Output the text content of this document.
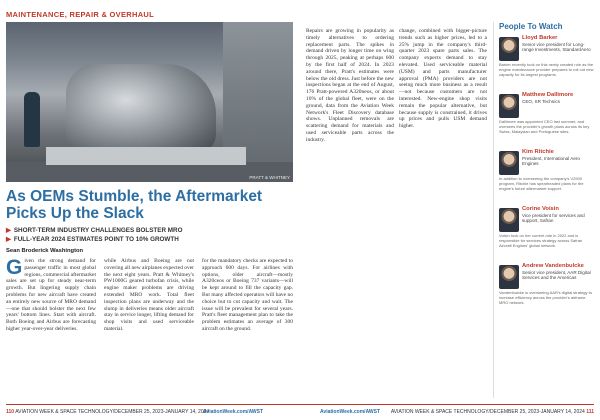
MAINTENANCE, REPAIR & OVERHAUL
PRATT & WHITNEY
As OEMs Stumble, the Aftermarket Picks Up the Slack
▶ SHORT-TERM INDUSTRY CHALLENGES BOLSTER MRO
▶ FULL-YEAR 2024 ESTIMATES POINT TO 10% GROWTH
Sean Broderick Washington
G iven the strong demand for passenger traffic in most global regions, commercial aftermarket sales are set up for steady near-term growth. But lingering supply chain problems for new aircraft have created an entirely new source of MRO demand—one that should bolster the next few years' bottom lines. Start with aircraft. Both Boeing and Airbus are forecasting higher year-over-year deliveries.
while Airbus and Boeing are not covering all new airplanes expected over the next eight years. Pratt & Whitney's PW1000G geared turbofan crisis, while engine maker problems are driving extended MRO work. Total fleet inspection plans are underway and the slump in deliveries means older aircraft stay in service longer, lifting demand for shop visits and used serviceable material.
for the mandatory checks are expected to approach 600 days. For airlines with options, older aircraft—mostly A320ceos or Boeing 737 variants—will be kept around to fill the capacity gap. But many affected operators will have no choice but to cut capacity and wait. The issue will be prevalent for several years. Pratt's fleet management plan to take the problem estimates an average of 300 aircraft on the ground.
Repairs are growing in popularity as timely alternatives to ordering replacement parts. The spikes in demand driven by longer time on wing through 2025, peaking at perhaps 600 by the first half of 2024. In 2023 around there, Pratt's estimates were below the old dress. Just before the new inspections began at the end of August, 176 Pratt-powered A320neos, or about 10% of the global fleet, were on the ground, data from the Aviation Week Network's Fleet Discovery database shows. Unplanned removals are scattering demand for materials and used serviceable parts across the industry.
change, combined with bigger-picture trends such as higher prices, led to a 25% jump in the company's third-quarter 2023 spare parts sales. The company expects demand to stay elevated. Used serviceable material (USM) and parts manufacturer approval (PMA) providers are not seeing much more business as a result—not because customers are not interested. New-engine shop visits remain the popular alternative, but because supply is constrained, it drives up prices and pulls USM demand higher.
People To Watch
Lloyd Barker
Senior vice president for Long-range Investments, StandardAero
Barker recently took on this newly created role as the engine maintenance provider prepares to roll out new capacity for its largest programs.
Matthew Dallimore
CEO, SR Technics
Dallimore was appointed CEO last summer, and oversees the provider's growth plans across its key Swiss, Malaysian and Portuguese sites.
Kim Ritchie
President, International Aero Engines
In addition to overseeing the company's V2500 program, Ritchie has spearheaded plans for the engine's future aftermarket support.
Corine Voisin
Vice president for services and support, Safran
Voisin took on her current role in 2022 and is responsible for services strategy across Safran Aircraft Engines' global network.
Andrew Vandenbulcke
Senior vice president, AAR Digital Services and the Americas
Vandenbulcke is overseeing AAR's digital strategy to increase efficiency across the provider's airframe MRO network.
110 AVIATION WEEK & SPACE TECHNOLOGY/DECEMBER 25, 2023-JANUARY 14, 2024
AviationWeek.com/AWST	AviationWeek.com/AWST AVIATION WEEK & SPACE TECHNOLOGY/DECEMBER 25, 2023-JANUARY 14, 2024 111
